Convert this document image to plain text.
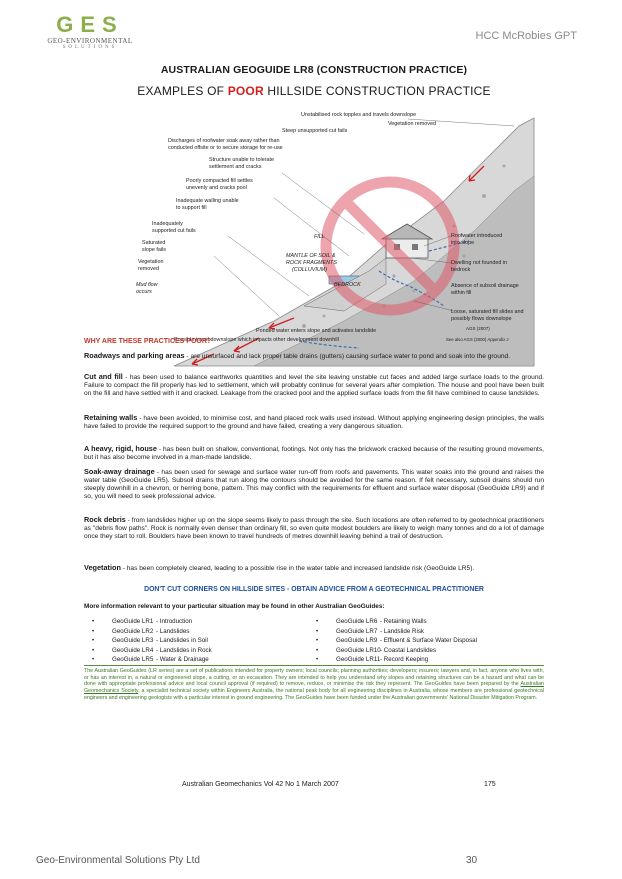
GES
GEO-ENVIRONMENTAL
SOLUTIONS
HCC McRobies GPT
AUSTRALIAN GEOGUIDE LR8 (CONSTRUCTION PRACTICE)
EXAMPLES OF POOR HILLSIDE CONSTRUCTION PRACTICE
Unstabilised rock topples and travels downslope
Vegetation removed
Steep unsupported cut fails
Discharges of roofwater soak away rather than
conducted offsite or to secure storage for re-use
Structure unable to tolerate
settlement and cracks
Poorly compacted fill settles
unevenly and cracks pool
Inadequate walling unable
to support fill
Inadequately
supported cut fails
Saturated
slope fails
Vegetation
removed
Mud flow
occurs
FILL
MANTLE OF SOIL &
ROCK FRAGMENTS
(COLLUVIUM)
BEDROCK
Roofwater introduced
into slope
Dwelling not founded in
bedrock
Absence of subsoil drainage
within fill
Loose, saturated fill slides and
possibly flows downslope
AGS (2007)
Ponded water enters slope and activates landslide
Possible travel downslope which impacts other development downhill	See also AGS (2000) Appendix J
WHY ARE THESE PRACTICES POOR?
Roadways and parking areas - are unsurfaced and lack proper table drains (gutters) causing surface water to pond and soak into the ground.
Cut and fill - has been used to balance earthworks quantities and level the site leaving unstable cut faces and added large surface loads to the ground. Failure to compact the fill properly has led to settlement, which will probably continue for several years after completion. The house and pool have been built on the fill and have settled with it and cracked. Leakage from the cracked pool and the applied surface loads from the fill have combined to cause landslides.
Retaining walls - have been avoided, to minimise cost, and hand placed rock walls used instead. Without applying engineering design principles, the walls have failed to provide the required support to the ground and have failed, creating a very dangerous situation.
A heavy, rigid, house - has been built on shallow, conventional, footings. Not only has the brickwork cracked because of the resulting ground movements, but it has also become involved in a man-made landslide.
Soak-away drainage - has been used for sewage and surface water run-off from roofs and pavements. This water soaks into the ground and raises the water table (GeoGuide LR5). Subsoil drains that run along the contours should be avoided for the same reason. If felt necessary, subsoil drains should run steeply downhill in a chevron, or herring bone, pattern. This may conflict with the requirements for effluent and surface water disposal (GeoGuide LR9) and if so, you will need to seek professional advice.
Rock debris - from landslides higher up on the slope seems likely to pass through the site. Such locations are often referred to by geotechnical practitioners as "debris flow paths". Rock is normally even denser than ordinary fill, so even quite modest boulders are likely to weigh many tonnes and do a lot of damage once they start to roll. Boulders have been known to travel hundreds of metres downhill leaving behind a trail of destruction.
Vegetation - has been completely cleared, leading to a possible rise in the water table and increased landslide risk (GeoGuide LR5).
DON'T CUT CORNERS ON HILLSIDE SITES - OBTAIN ADVICE FROM A GEOTECHNICAL PRACTITIONER
More information relevant to your particular situation may be found in other Australian GeoGuides:
•	GeoGuide LR1 - Introduction
•	GeoGuide LR2 - Landslides
•	GeoGuide LR3 - Landslides in Soil
•	GeoGuide LR4 - Landslides in Rock
•	GeoGuide LR5 - Water & Drainage
•	GeoGuide LR6 - Retaining Walls
•	GeoGuide LR7 - Landslide Risk
•	GeoGuide LR9 - Effluent & Surface Water Disposal
•	GeoGuide LR10 - Coastal Landslides
•	GeoGuide LR11 - Record Keeping
The Australian GeoGuides (LR series) are a set of publications intended for property owners; local councils; planning authorities; developers; insurers; lawyers and, in fact, anyone who lives with, or has an interest in, a natural or engineered slope, a cutting, or an excavation. They are intended to help you understand why slopes and retaining structures can be a hazard and what can be done with appropriate professional advice and local council approval (if required) to remove, reduce, or minimise the risk they represent. The GeoGuides have been prepared by the Australian Geomechanics Society, a specialist technical society within Engineers Australia, the national peak body for all engineering disciplines in Australia, whose members are professional geotechnical engineers and engineering geologists with a particular interest in ground engineering. The GeoGuides have been funded under the Australian governments' National Disaster Mitigation Program.
Australian Geomechanics Vol 42 No 1 March 2007	175
Geo-Environmental Solutions Pty Ltd	30
